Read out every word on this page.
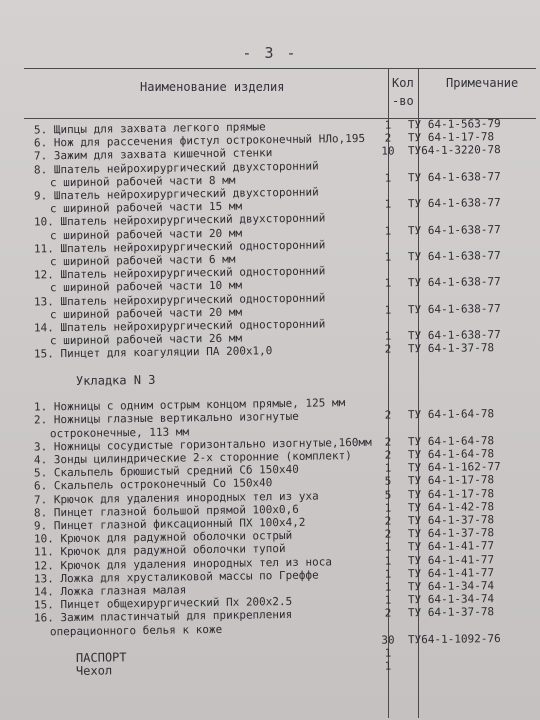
- 3 -
Наименование изделия	Кол
-во
Примечание
5. Щипцы для захвата легкого прямые	1	ТУ 64-1-563-79
6. Нож для рассечения фистул остроконечный НЛо,195	2	ТУ 64-1-17-78
7. Зажим для захвата кишечной стенки	10	ТУ64-1-3220-78
8. Шпатель нейрохирургический двухсторонний
с шириной рабочей части 8 мм	1	ТУ 64-1-638-77
9. Шпатель нейрохирургический двухсторонний
с шириной рабочей части 15 мм	1	ТУ 64-1-638-77
10. Шпатель нейрохирургический двухсторонний
с шириной рабочей части 20 мм	1	ТУ 64-1-638-77
11. Шпатель нейрохирургический односторонний
с шириной рабочей части 6 мм	1	ТУ 64-1-638-77
12. Шпатель нейрохирургический односторонний
с шириной рабочей части 10 мм	1	ТУ 64-1-638-77
13. Шпатель нейрохирургический односторонний
с шириной рабочей части 20 мм	1	ТУ 64-1-638-77
14. Шпатель нейрохирургический односторонний
с шириной рабочей части 26 мм	1	ТУ 64-1-638-77
15. Пинцет для коагуляции ПА 200х1,0	2	ТУ 64-1-37-78
Укладка N 3
1. Ножницы с одним острым концом прямые, 125 мм
2. Ножницы глазные вертикально изогнутые	2	ТУ 64-1-64-78
остроконечные, 113 мм
3. Ножницы сосудистые горизонтально изогнутые,160мм	2	ТУ 64-1-64-78
4. Зонды цилиндрические 2-х сторонние (комплект)	2	ТУ 64-1-64-78
5. Скальпель брюшистый средний Сб 150х40	1	ТУ 64-1-162-77
6. Скальпель остроконечный Со 150х40	5	ТУ 64-1-17-78
7. Крючок для удаления инородных тел из уха	5	ТУ 64-1-17-78
8. Пинцет глазной большой прямой 100х0,6	1	ТУ 64-1-42-78
9. Пинцет глазной фиксационный ПХ 100х4,2	2	ТУ 64-1-37-78
10. Крючок для радужной оболочки острый	2	ТУ 64-1-37-78
11. Крючок для радужной оболочки тупой	1	ТУ 64-1-41-77
12. Крючок для удаления инородных тел из носа	1	ТУ 64-1-41-77
13. Ложка для хрусталиковой массы по Греффе	1	ТУ 64-1-41-77
14. Ложка глазная малая	1	ТУ 64-1-34-74
15. Пинцет общехирургический Пх 200х2.5	1	ТУ 64-1-34-74
16. Зажим пластинчатый для прикрепления	2	ТУ 64-1-37-78
операционного белья к коже
30	ТУ64-1-1092-76
ПАСПОРТ	1
Чехол	1
